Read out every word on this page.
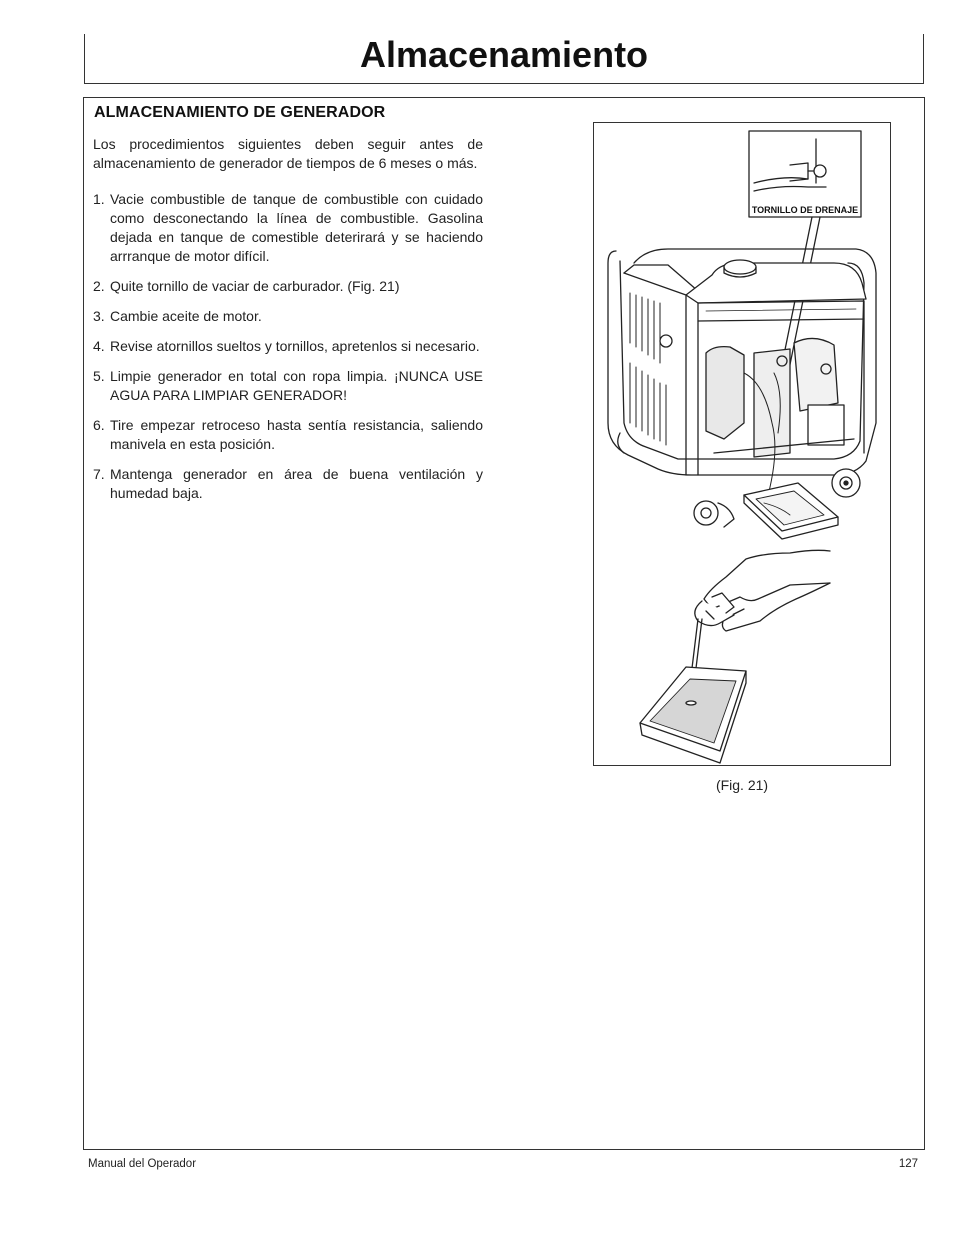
Almacenamiento
ALMACENAMIENTO DE GENERADOR

Los procedimientos siguientes deben seguir antes de almacenamiento de generador de tiempos de 6 meses o más.

1. Vacie combustible de tanque de combustible con cuidado como desconectando la línea de combustible. Gasolina dejada en tanque de comestible deterirará y se haciendo arrranque de motor difícil.
2. Quite tornillo de vaciar de carburador. (Fig. 21)
3. Cambie aceite de motor.
4. Revise atornillos sueltos y tornillos, apretenlos si necesario.
5. Limpie generador en total con ropa limpia. ¡NUNCA USE AGUA PARA LIMPIAR GENERADOR!
6. Tire empezar retroceso hasta sentía resistancia, saliendo manivela en esta posición.
7. Mantenga generador en área de buena ventilación y humedad baja.
TORNILLO DE DRENAJE
(Fig. 21)
Manual del Operador	127
